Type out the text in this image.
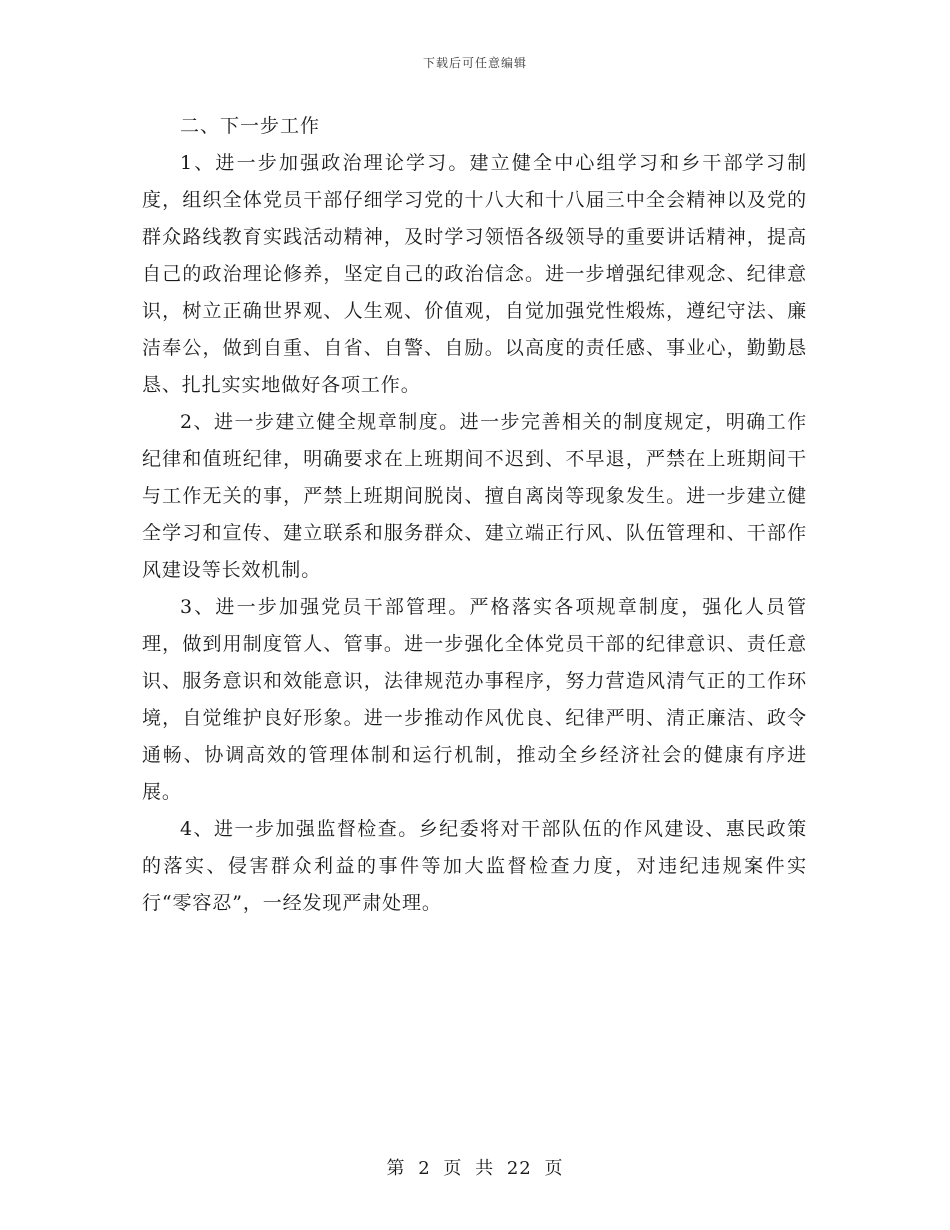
下载后可任意编辑
二、下一步工作

1、进一步加强政治理论学习。建立健全中心组学习和乡干部学习制度，组织全体党员干部仔细学习党的十八大和十八届三中全会精神以及党的群众路线教育实践活动精神，及时学习领悟各级领导的重要讲话精神，提高自己的政治理论修养，坚定自己的政治信念。进一步增强纪律观念、纪律意识，树立正确世界观、人生观、价值观，自觉加强党性煅炼，遵纪守法、廉洁奉公，做到自重、自省、自警、自励。以高度的责任感、事业心，勤勤恳恳、扎扎实实地做好各项工作。

2、进一步建立健全规章制度。进一步完善相关的制度规定，明确工作纪律和值班纪律，明确要求在上班期间不迟到、不早退，严禁在上班期间干与工作无关的事，严禁上班期间脱岗、擅自离岗等现象发生。进一步建立健全学习和宣传、建立联系和服务群众、建立端正行风、队伍管理和、干部作风建设等长效机制。

3、进一步加强党员干部管理。严格落实各项规章制度，强化人员管理，做到用制度管人、管事。进一步强化全体党员干部的纪律意识、责任意识、服务意识和效能意识，法律规范办事程序，努力营造风清气正的工作环境，自觉维护良好形象。进一步推动作风优良、纪律严明、清正廉洁、政令通畅、协调高效的管理体制和运行机制，推动全乡经济社会的健康有序进展。

4、进一步加强监督检查。乡纪委将对干部队伍的作风建设、惠民政策的落实、侵害群众利益的事件等加大监督检查力度，对违纪违规案件实行“零容忍”，一经发现严肃处理。

第 2 页 共 22 页
